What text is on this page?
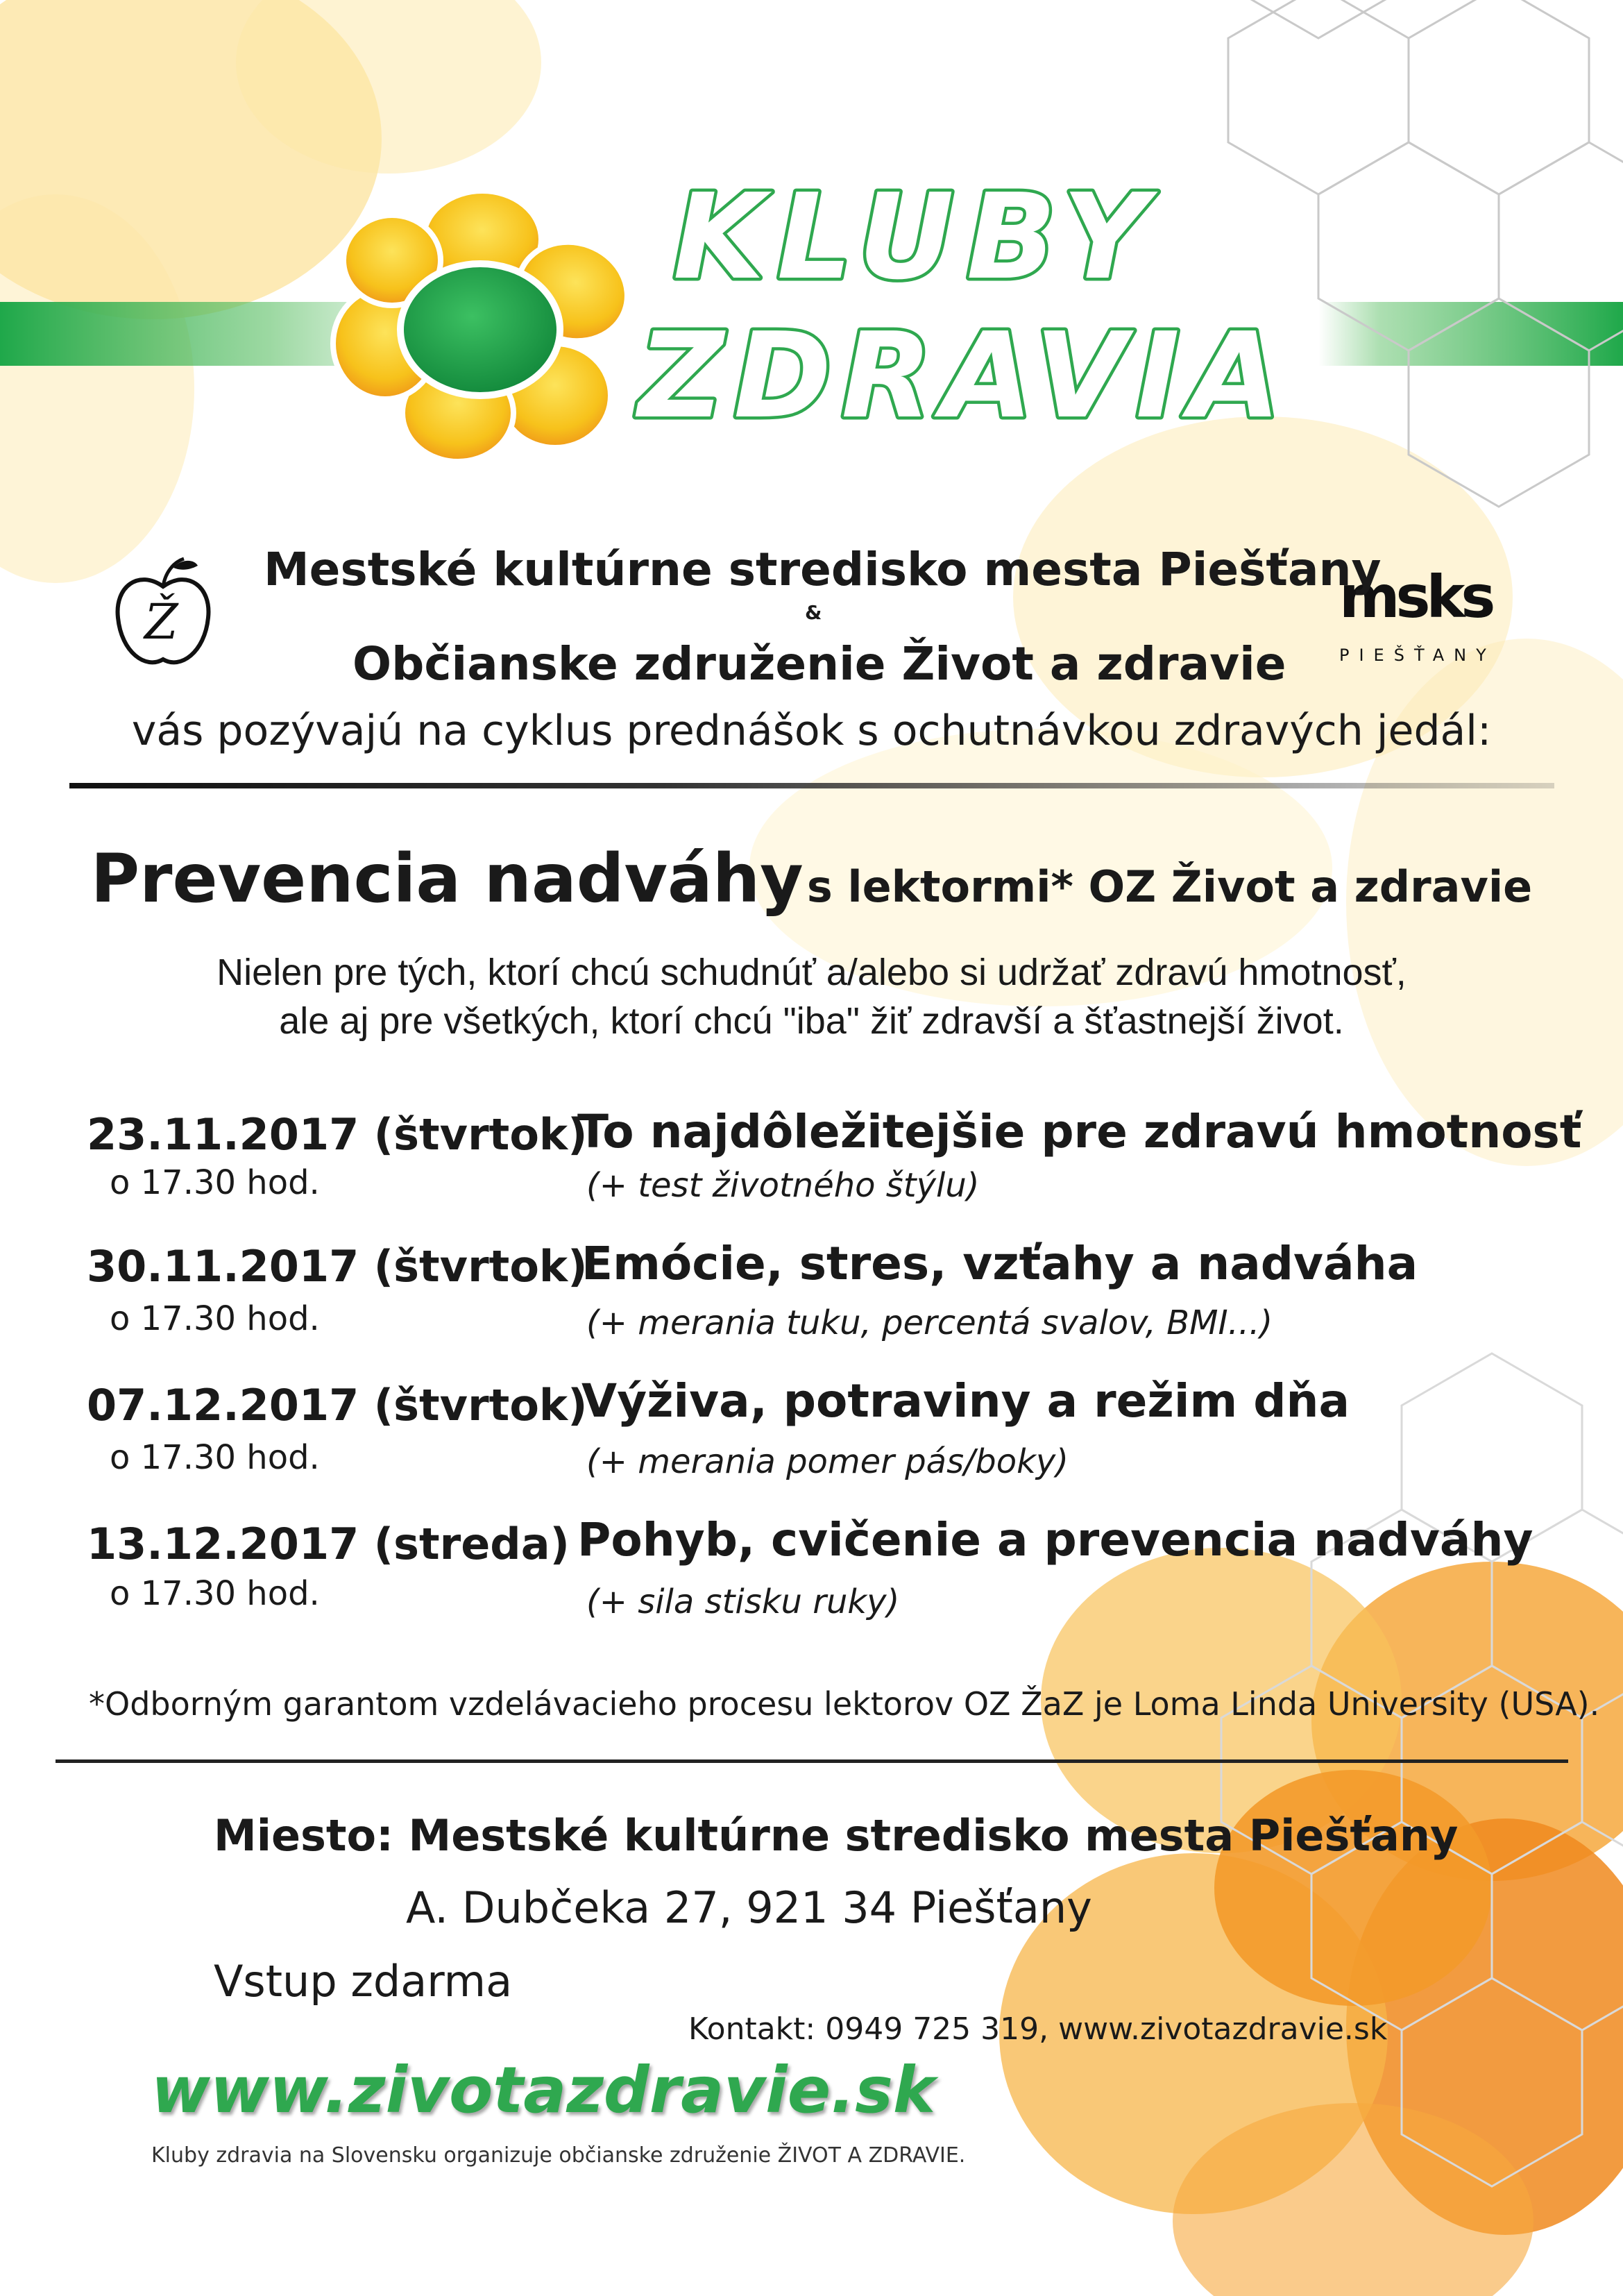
KLUBY
ZDRAVIA
Ž	msks
PIEŠŤANY
Mestské kultúrne stredisko mesta Piešťany
&
Občianske združenie Život a zdravie
vás pozývajú na cyklus prednášok s ochutnávkou zdravých jedál:
Prevencia nadváhy s lektormi* OZ Život a zdravie
Nielen pre tých, ktorí chcú schudnúť a/alebo si udržať zdravú hmotnosť,
ale aj pre všetkých, ktorí chcú "iba" žiť zdravší a šťastnejší život.
23.11.2017 (štvrtok)
o 17.30 hod.
To najdôležitejšie pre zdravú hmotnosť
(+ test životného štýlu)
30.11.2017 (štvrtok)
o 17.30 hod.
Emócie, stres, vzťahy a nadváha
(+ merania tuku, percentá svalov, BMI...)
07.12.2017 (štvrtok)
o 17.30 hod.
Výživa, potraviny a režim dňa
(+ merania pomer pás/boky)
13.12.2017 (streda)
o 17.30 hod.
Pohyb, cvičenie a prevencia nadváhy
(+ sila stisku ruky)
*Odborným garantom vzdelávacieho procesu lektorov OZ ŽaZ je Loma Linda University (USA).
Miesto: Mestské kultúrne stredisko mesta Piešťany
A. Dubčeka 27, 921 34 Piešťany
Vstup zdarma
Kontakt: 0949 725 319, www.zivotazdravie.sk
www.zivotazdravie.sk
Kluby zdravia na Slovensku organizuje občianske združenie ŽIVOT A ZDRAVIE.
